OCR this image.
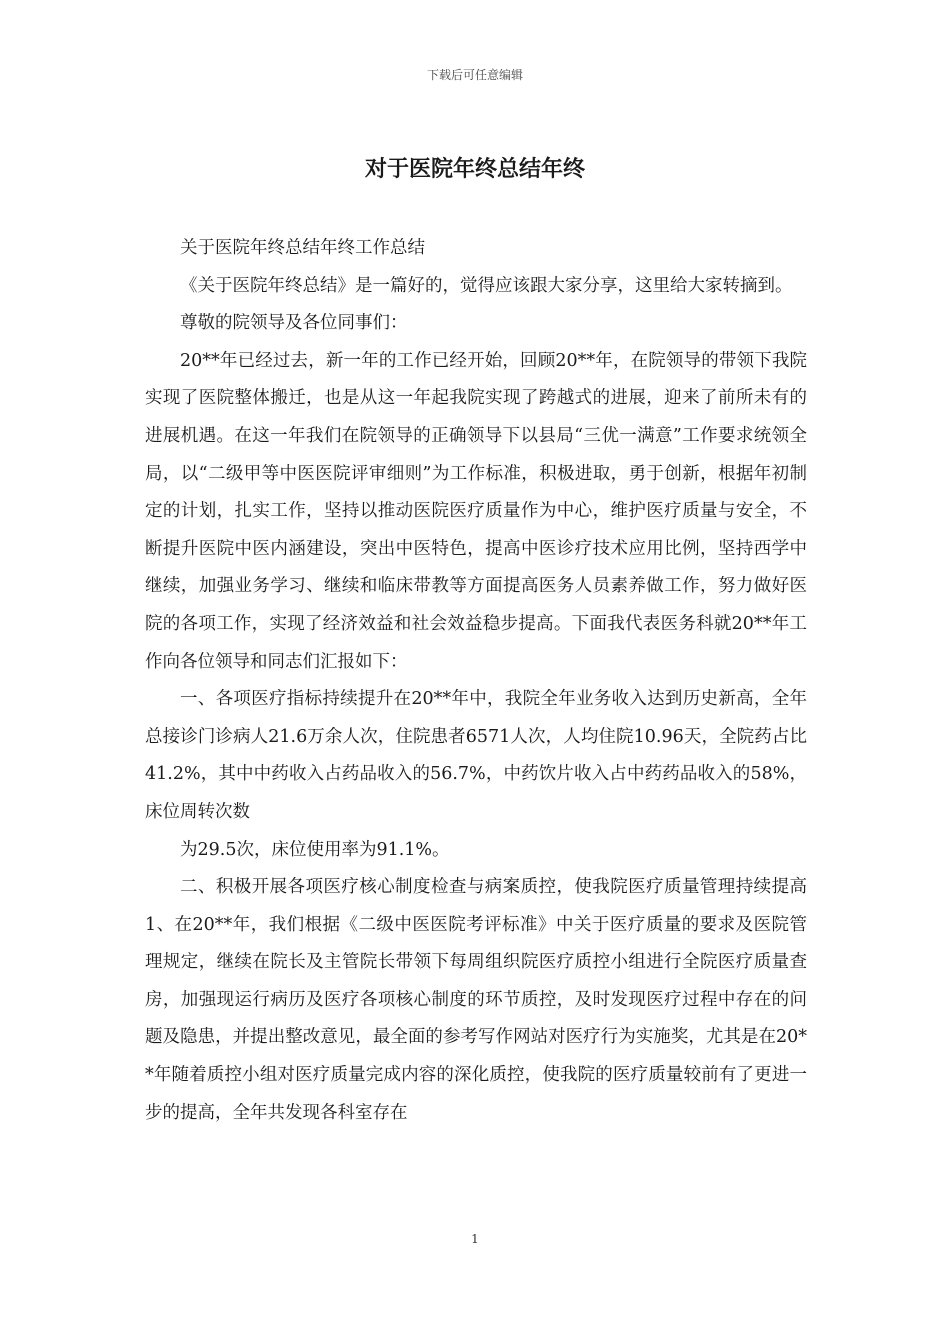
下载后可任意编辑
对于医院年终总结年终

关于医院年终总结年终工作总结

《关于医院年终总结》是一篇好的，觉得应该跟大家分享，这里给大家转摘到。

尊敬的院领导及各位同事们：

20**年已经过去，新一年的工作已经开始，回顾20**年，在院领导的带领下我院实现了医院整体搬迁，也是从这一年起我院实现了跨越式的进展，迎来了前所未有的进展机遇。在这一年我们在院领导的正确领导下以县局“三优一满意”工作要求统领全局，以“二级甲等中医医院评审细则”为工作标准，积极进取，勇于创新，根据年初制定的计划，扎实工作，坚持以推动医院医疗质量作为中心，维护医疗质量与安全，不断提升医院中医内涵建设，突出中医特色，提高中医诊疗技术应用比例，坚持西学中继续，加强业务学习、继续和临床带教等方面提高医务人员素养做工作，努力做好医院的各项工作，实现了经济效益和社会效益稳步提高。下面我代表医务科就20**年工作向各位领导和同志们汇报如下：

一、各项医疗指标持续提升在20**年中，我院全年业务收入达到历史新高，全年总接诊门诊病人21.6万余人次，住院患者6571人次，人均住院10.96天，全院药占比41.2%，其中中药收入占药品收入的56.7%，中药饮片收入占中药药品收入的58%，床位周转次数

为29.5次，床位使用率为91.1%。

二、积极开展各项医疗核心制度检查与病案质控，使我院医疗质量管理持续提高1、在20**年，我们根据《二级中医医院考评标准》中关于医疗质量的要求及医院管理规定，继续在院长及主管院长带领下每周组织院医疗质控小组进行全院医疗质量查房，加强现运行病历及医疗各项核心制度的环节质控，及时发现医疗过程中存在的问题及隐患，并提出整改意见，最全面的参考写作网站对医疗行为实施奖，尤其是在20**年随着质控小组对医疗质量完成内容的深化质控，使我院的医疗质量较前有了更进一步的提高，全年共发现各科室存在

1
